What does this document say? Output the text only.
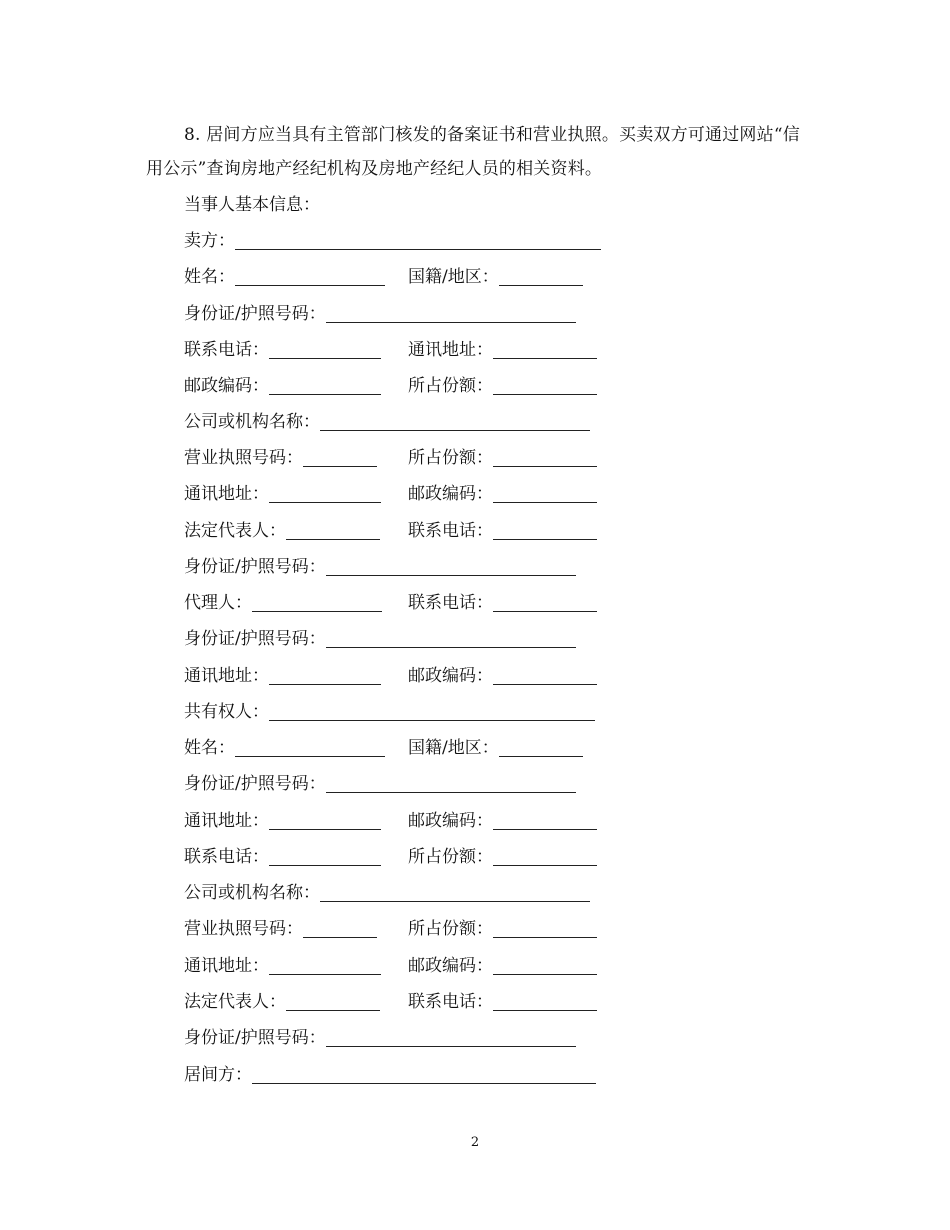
8. 居间方应当具有主管部门核发的备案证书和营业执照。买卖双方可通过网站“信用公示”查询房地产经纪机构及房地产经纪人员的相关资料。

当事人基本信息：
卖方：
姓名：	国籍/地区：
身份证/护照号码：
联系电话：	通讯地址：
邮政编码：	所占份额：
公司或机构名称：
营业执照号码：	所占份额：
通讯地址：	邮政编码：
法定代表人：	联系电话：
身份证/护照号码：
代理人：	联系电话：
身份证/护照号码：
通讯地址：	邮政编码：
共有权人：
姓名：	国籍/地区：
身份证/护照号码：
通讯地址：	邮政编码：
联系电话：	所占份额：
公司或机构名称：
营业执照号码：	所占份额：
通讯地址：	邮政编码：
法定代表人：	联系电话：
身份证/护照号码：
居间方：
2
